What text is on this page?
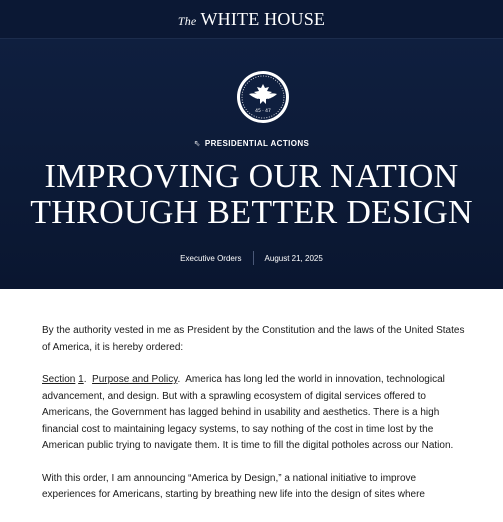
The WHITE HOUSE
45 · 47
⇖ PRESIDENTIAL ACTIONS
IMPROVING OUR NATION
THROUGH BETTER DESIGN
Executive Orders	August 21, 2025

By the authority vested in me as President by the Constitution and the laws of the United States of America, it is hereby ordered:

Section 1.  Purpose and Policy.  America has long led the world in innovation, technological advancement, and design. But with a sprawling ecosystem of digital services offered to Americans, the Government has lagged behind in usability and aesthetics. There is a high financial cost to maintaining legacy systems, to say nothing of the cost in time lost by the American public trying to navigate them. It is time to fill the digital potholes across our Nation.

With this order, I am announcing “America by Design,” a national initiative to improve experiences for Americans, starting by breathing new life into the design of sites where
